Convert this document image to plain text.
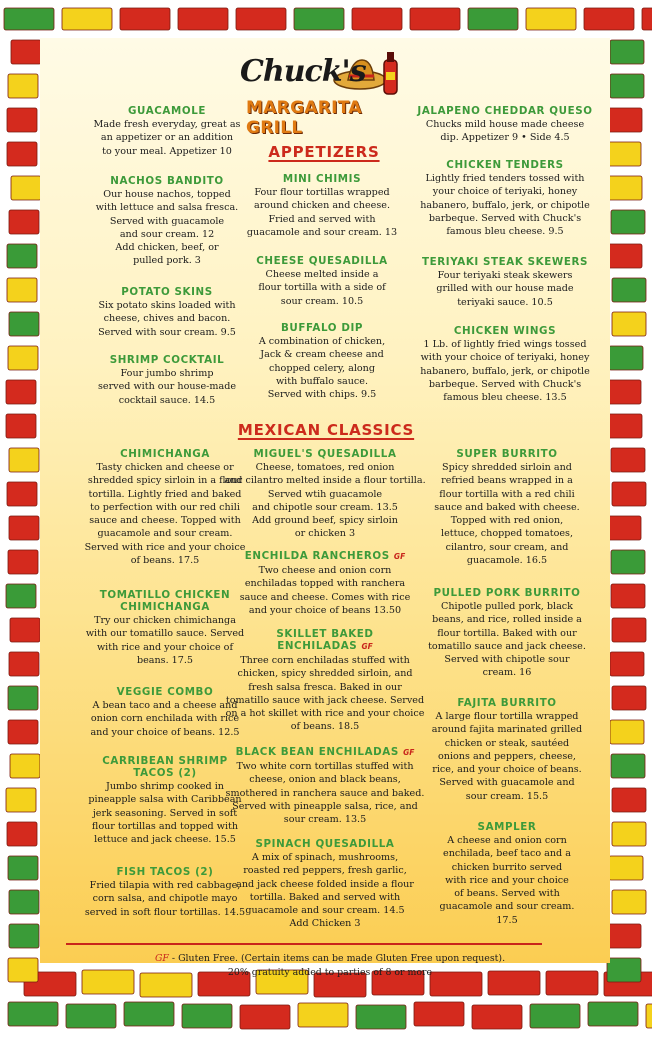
Chuck's
MARGARITA GRILL
APPETIZERS
MEXICAN CLASSICS
GUACAMOLE
Made fresh everyday, great as
an appetizer or an addition
to your meal. Appetizer 10
NACHOS BANDITO
Our house nachos, topped
with lettuce and salsa fresca.
Served with guacamole
and sour cream. 12
Add chicken, beef, or
pulled pork. 3
POTATO SKINS
Six potato skins loaded with
cheese, chives and bacon.
Served with sour cream. 9.5
SHRIMP COCKTAIL
Four jumbo shrimp
served with our house-made
cocktail sauce. 14.5
MINI CHIMIS
Four flour tortillas wrapped
around chicken and cheese.
Fried and served with
guacamole and sour cream. 13
CHEESE QUESADILLA
Cheese melted inside a
flour tortilla with a side of
sour cream. 10.5
BUFFALO DIP
A combination of chicken,
Jack & cream cheese and
chopped celery, along
with buffalo sauce.
Served with chips. 9.5
JALAPENO CHEDDAR QUESO
Chucks mild house made cheese
dip. Appetizer 9 • Side 4.5
CHICKEN TENDERS
Lightly fried tenders tossed with
your choice of teriyaki, honey
habanero, buffalo, jerk, or chipotle
barbeque. Served with Chuck's
famous bleu cheese. 9.5
TERIYAKI STEAK SKEWERS
Four teriyaki steak skewers
grilled with our house made
teriyaki sauce. 10.5
CHICKEN WINGS
1 Lb. of lightly fried wings tossed
with your choice of teriyaki, honey
habanero, buffalo, jerk, or chipotle
barbeque. Served with Chuck's
famous bleu cheese. 13.5
CHIMICHANGA
Tasty chicken and cheese or
shredded spicy sirloin in a flour
tortilla. Lightly fried and baked
to perfection with our red chili
sauce and cheese. Topped with
guacamole and sour cream.
Served with rice and your choice
of beans. 17.5
TOMATILLO CHICKEN
CHIMICHANGA
Try our chicken chimichanga
with our tomatillo sauce. Served
with rice and your choice of
beans. 17.5
VEGGIE COMBO
A bean taco and a cheese and
onion corn enchilada with rice
and your choice of beans. 12.5
CARRIBEAN SHRIMP
TACOS (2)
Jumbo shrimp cooked in
pineapple salsa with Caribbean
jerk seasoning. Served in soft
flour tortillas and topped with
lettuce and jack cheese. 15.5
FISH TACOS (2)
Fried tilapia with red cabbage,
corn salsa, and chipotle mayo
served in soft flour tortillas. 14.5
MIGUEL'S QUESADILLA
Cheese, tomatoes, red onion
and cilantro melted inside a flour tortilla.
Served wtih guacamole
and chipotle sour cream. 13.5
Add ground beef, spicy sirloin
or chicken 3
ENCHILDA RANCHEROS GF
Two cheese and onion corn
enchiladas topped with ranchera
sauce and cheese. Comes with rice
and your choice of beans 13.50
SKILLET BAKED
ENCHILADAS GF
Three corn enchiladas stuffed with
chicken, spicy shredded sirloin, and
fresh salsa fresca. Baked in our
tomatillo sauce with jack cheese. Served
on a hot skillet with rice and your choice
of beans. 18.5
BLACK BEAN ENCHILADAS GF
Two white corn tortillas stuffed with
cheese, onion and black beans,
smothered in ranchera sauce and baked.
Served with pineapple salsa, rice, and
sour cream. 13.5
SPINACH QUESADILLA
A mix of spinach, mushrooms,
roasted red peppers, fresh garlic,
and jack cheese folded inside a flour
tortilla. Baked and served with
guacamole and sour cream. 14.5
Add Chicken 3
SUPER BURRITO
Spicy shredded sirloin and
refried beans wrapped in a
flour tortilla with a red chili
sauce and baked with cheese.
Topped with red onion,
lettuce, chopped tomatoes,
cilantro, sour cream, and
guacamole. 16.5
PULLED PORK BURRITO
Chipotle pulled pork, black
beans, and rice, rolled inside a
flour tortilla. Baked with our
tomatillo sauce and jack cheese.
Served with chipotle sour
cream. 16
FAJITA BURRITO
A large flour tortilla wrapped
around fajita marinated grilled
chicken or steak, sautéed
onions and peppers, cheese,
rice, and your choice of beans.
Served with guacamole and
sour cream. 15.5
SAMPLER
A cheese and onion corn
enchilada, beef taco and a
chicken burrito served
with rice and your choice
of beans. Served with
guacamole and sour cream.
17.5
GF - Gluten Free. (Certain items can be made Gluten Free upon request).
20% gratuity added to parties of 8 or more
